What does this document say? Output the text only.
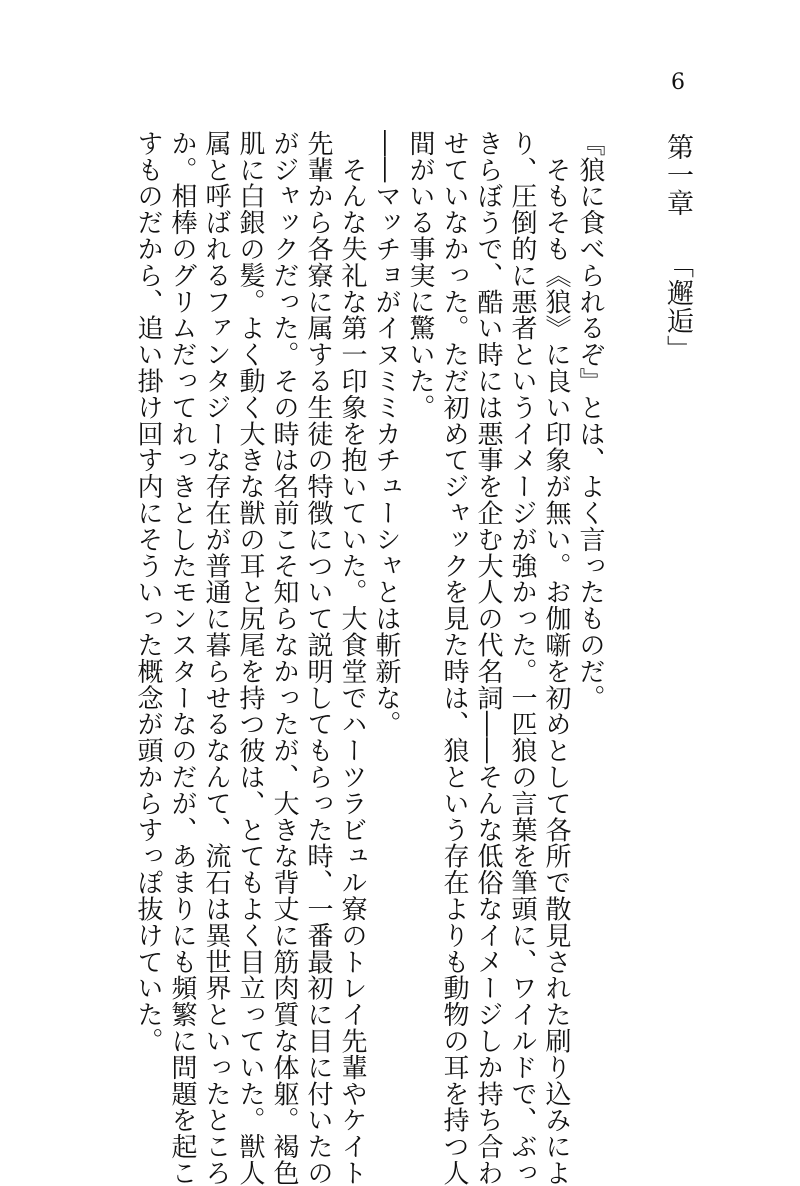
6
第一章「邂逅」
『狼に食べられるぞ』とは、よく言ったものだ。
　そもそも《狼》に良い印象が無い。お伽噺を初めとして各所で散見された刷り込みによ
り、圧倒的に悪者というイメージが強かった。一匹狼の言葉を筆頭に、ワイルドで、ぶっ
きらぼうで、酷い時には悪事を企む大人の代名詞――そんな低俗なイメージしか持ち合わ
せていなかった。ただ初めてジャックを見た時は、狼という存在よりも動物の耳を持つ人
間がいる事実に驚いた。
――マッチョがイヌミミカチューシャとは斬新な。
　そんな失礼な第一印象を抱いていた。大食堂でハーツラビュル寮のトレイ先輩やケイト
先輩から各寮に属する生徒の特徴について説明してもらった時、一番最初に目に付いたの
がジャックだった。その時は名前こそ知らなかったが、大きな背丈に筋肉質な体躯。褐色
肌に白銀の髪。よく動く大きな獣の耳と尻尾を持つ彼は、とてもよく目立っていた。獣人
属と呼ばれるファンタジーな存在が普通に暮らせるなんて、流石は異世界といったところ
か。相棒のグリムだってれっきとしたモンスターなのだが、あまりにも頻繁に問題を起こ
すものだから、追い掛け回す内にそういった概念が頭からすっぽ抜けていた。
